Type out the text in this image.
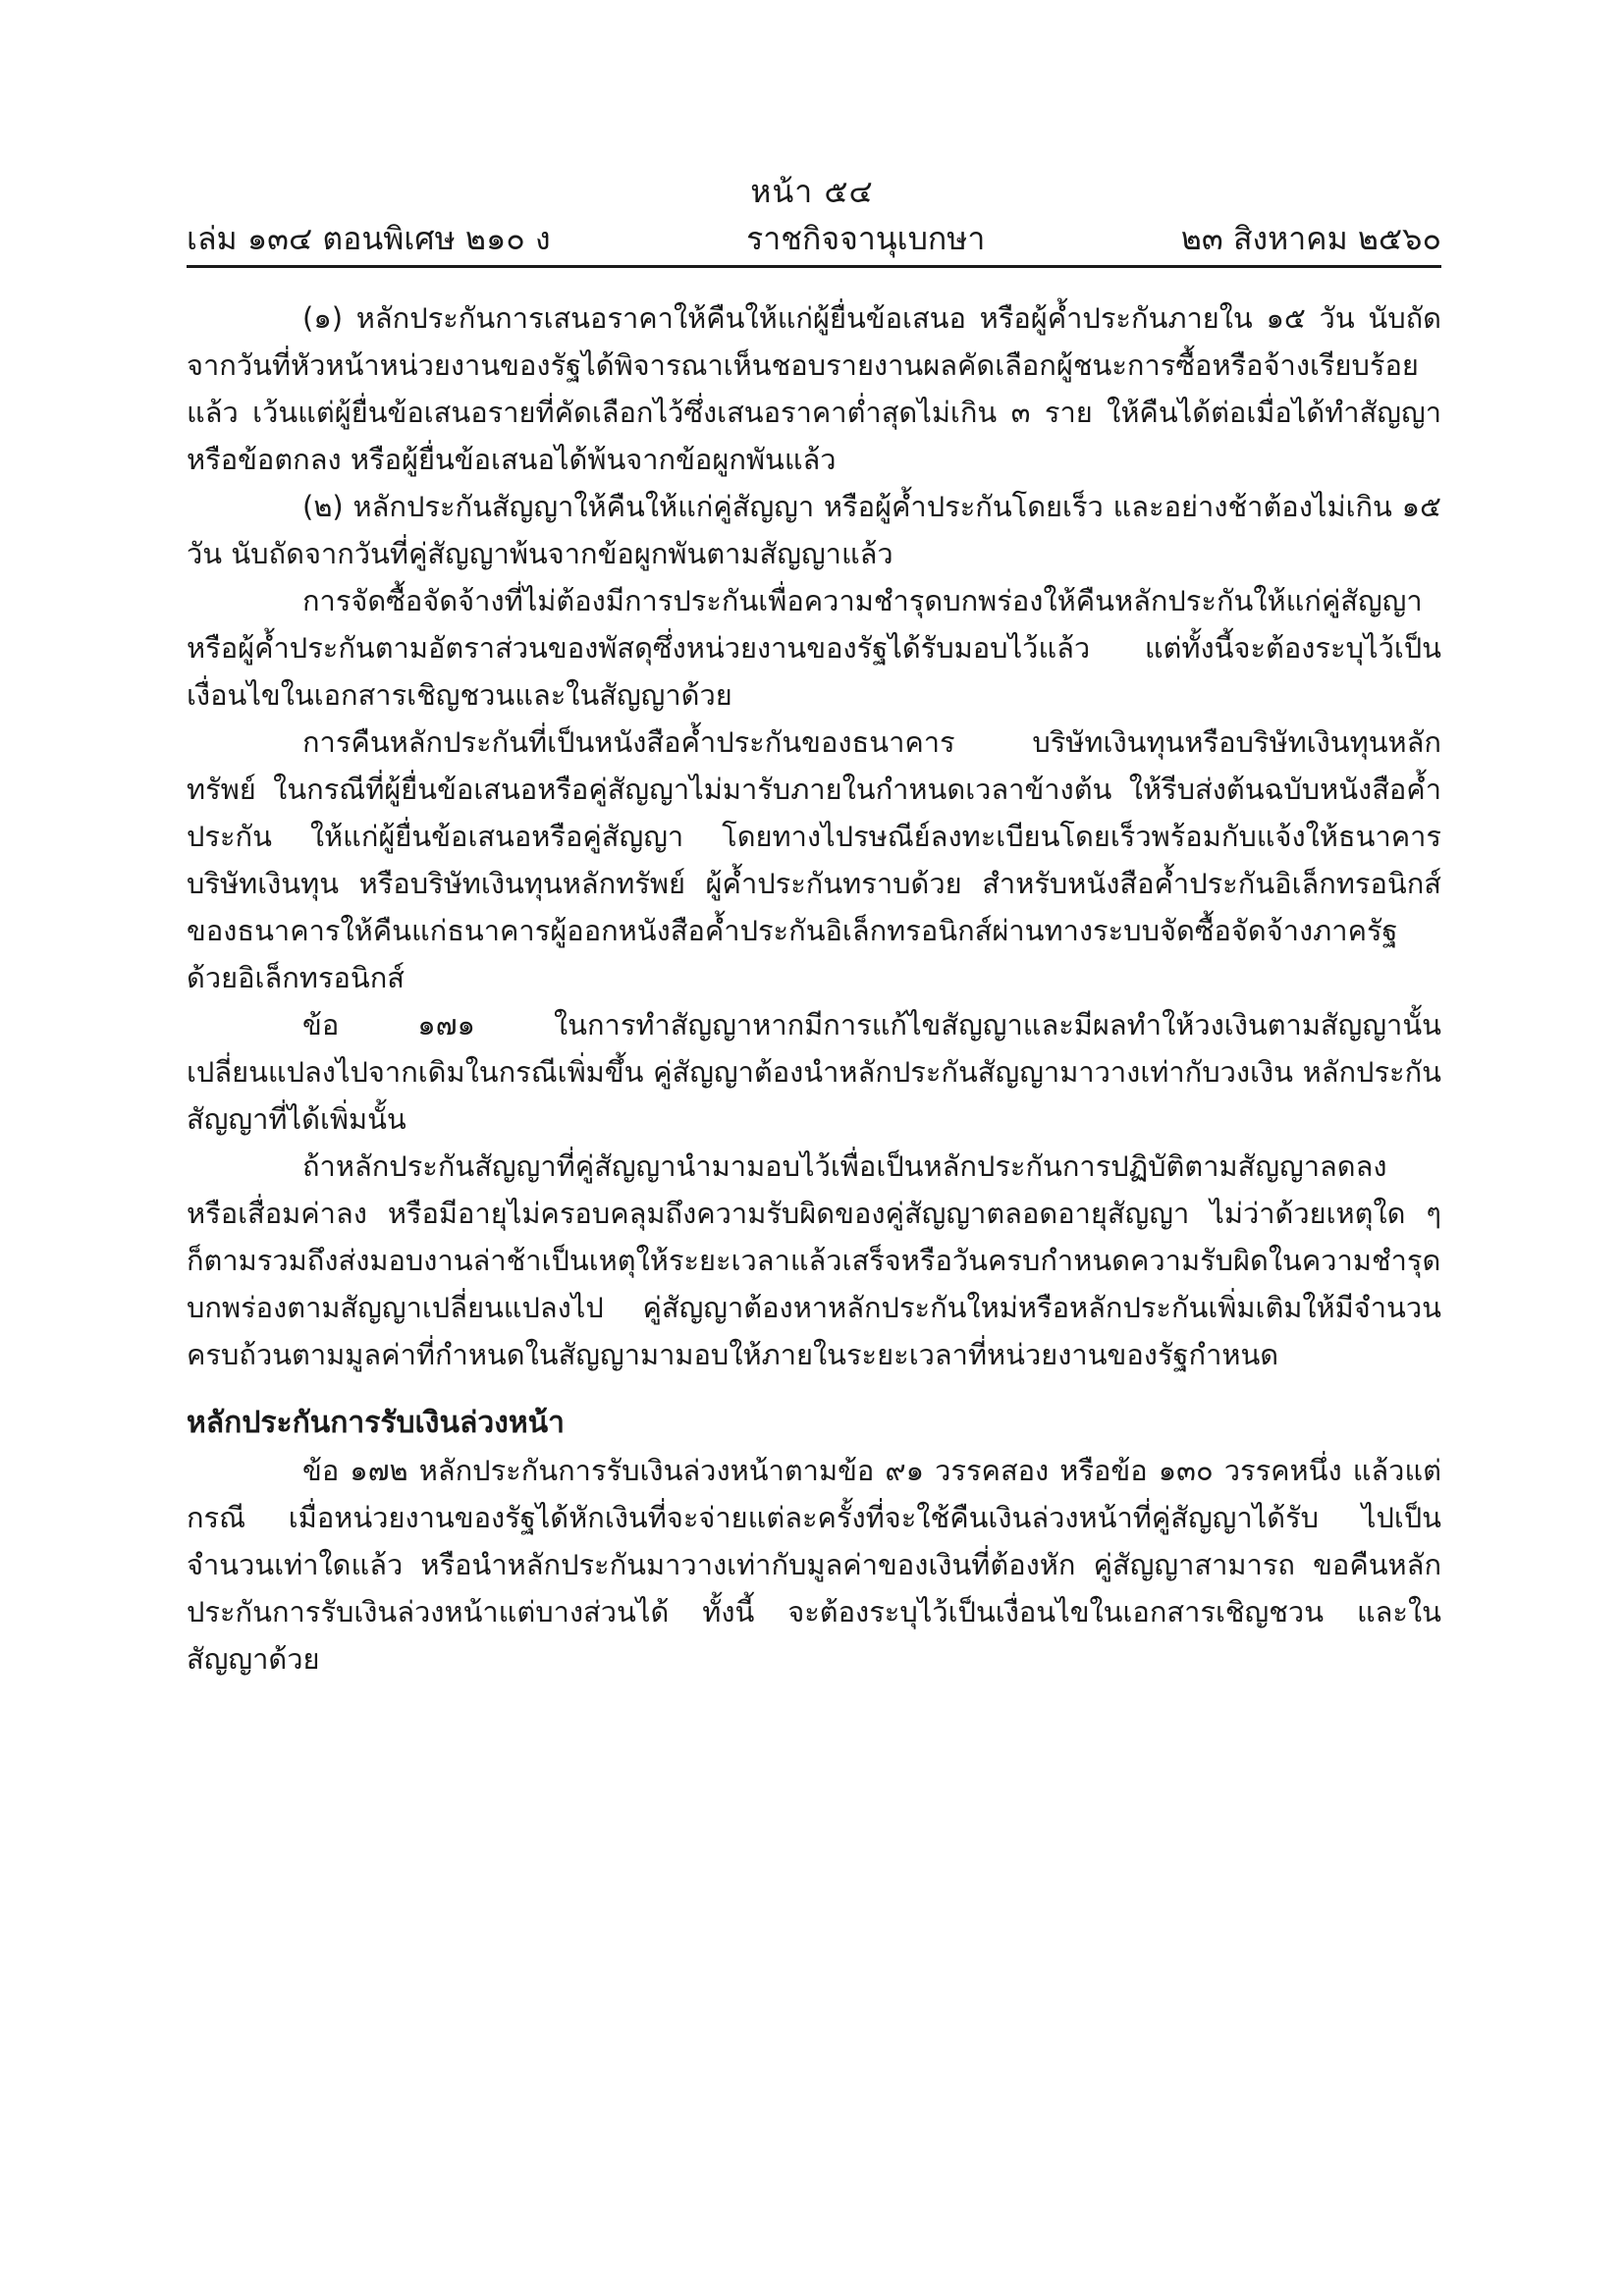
หน้า ๕๔
เล่ม ๑๓๔ ตอนพิเศษ ๒๑๐ ง	ราชกิจจานุเบกษา	๒๓ สิงหาคม ๒๕๖๐

(๑) หลักประกันการเสนอราคาให้คืนให้แก่ผู้ยื่นข้อเสนอ หรือผู้ค้ำประกันภายใน ๑๕ วัน นับถัดจากวันที่หัวหน้าหน่วยงานของรัฐได้พิจารณาเห็นชอบรายงานผลคัดเลือกผู้ชนะการซื้อหรือจ้างเรียบร้อยแล้ว เว้นแต่ผู้ยื่นข้อเสนอรายที่คัดเลือกไว้ซึ่งเสนอราคาต่ำสุดไม่เกิน ๓ ราย ให้คืนได้ต่อเมื่อได้ทำสัญญา หรือข้อตกลง หรือผู้ยื่นข้อเสนอได้พ้นจากข้อผูกพันแล้ว

(๒) หลักประกันสัญญาให้คืนให้แก่คู่สัญญา หรือผู้ค้ำประกันโดยเร็ว และอย่างช้าต้องไม่เกิน ๑๕ วัน นับถัดจากวันที่คู่สัญญาพ้นจากข้อผูกพันตามสัญญาแล้ว

การจัดซื้อจัดจ้างที่ไม่ต้องมีการประกันเพื่อความชำรุดบกพร่องให้คืนหลักประกันให้แก่คู่สัญญา หรือผู้ค้ำประกันตามอัตราส่วนของพัสดุซึ่งหน่วยงานของรัฐได้รับมอบไว้แล้ว แต่ทั้งนี้จะต้องระบุไว้เป็นเงื่อนไขในเอกสารเชิญชวนและในสัญญาด้วย

การคืนหลักประกันที่เป็นหนังสือค้ำประกันของธนาคาร บริษัทเงินทุนหรือบริษัทเงินทุนหลักทรัพย์ ในกรณีที่ผู้ยื่นข้อเสนอหรือคู่สัญญาไม่มารับภายในกำหนดเวลาข้างต้น ให้รีบส่งต้นฉบับหนังสือค้ำประกัน ให้แก่ผู้ยื่นข้อเสนอหรือคู่สัญญา โดยทางไปรษณีย์ลงทะเบียนโดยเร็วพร้อมกับแจ้งให้ธนาคารบริษัทเงินทุน หรือบริษัทเงินทุนหลักทรัพย์ ผู้ค้ำประกันทราบด้วย สำหรับหนังสือค้ำประกันอิเล็กทรอนิกส์ ของธนาคารให้คืนแก่ธนาคารผู้ออกหนังสือค้ำประกันอิเล็กทรอนิกส์ผ่านทางระบบจัดซื้อจัดจ้างภาครัฐ ด้วยอิเล็กทรอนิกส์

ข้อ ๑๗๑ ในการทำสัญญาหากมีการแก้ไขสัญญาและมีผลทำให้วงเงินตามสัญญานั้น เปลี่ยนแปลงไปจากเดิมในกรณีเพิ่มขึ้น คู่สัญญาต้องนำหลักประกันสัญญามาวางเท่ากับวงเงิน หลักประกันสัญญาที่ได้เพิ่มนั้น

ถ้าหลักประกันสัญญาที่คู่สัญญานำมามอบไว้เพื่อเป็นหลักประกันการปฏิบัติตามสัญญาลดลง หรือเสื่อมค่าลง หรือมีอายุไม่ครอบคลุมถึงความรับผิดของคู่สัญญาตลอดอายุสัญญา ไม่ว่าด้วยเหตุใด ๆ ก็ตามรวมถึงส่งมอบงานล่าช้าเป็นเหตุให้ระยะเวลาแล้วเสร็จหรือวันครบกำหนดความรับผิดในความชำรุด บกพร่องตามสัญญาเปลี่ยนแปลงไป คู่สัญญาต้องหาหลักประกันใหม่หรือหลักประกันเพิ่มเติมให้มีจำนวน ครบถ้วนตามมูลค่าที่กำหนดในสัญญามามอบให้ภายในระยะเวลาที่หน่วยงานของรัฐกำหนด

หลักประกันการรับเงินล่วงหน้า

ข้อ ๑๗๒ หลักประกันการรับเงินล่วงหน้าตามข้อ ๙๑ วรรคสอง หรือข้อ ๑๓๐ วรรคหนึ่ง แล้วแต่กรณี เมื่อหน่วยงานของรัฐได้หักเงินที่จะจ่ายแต่ละครั้งที่จะใช้คืนเงินล่วงหน้าที่คู่สัญญาได้รับ ไปเป็นจำนวนเท่าใดแล้ว หรือนำหลักประกันมาวางเท่ากับมูลค่าของเงินที่ต้องหัก คู่สัญญาสามารถ ขอคืนหลักประกันการรับเงินล่วงหน้าแต่บางส่วนได้ ทั้งนี้ จะต้องระบุไว้เป็นเงื่อนไขในเอกสารเชิญชวน และในสัญญาด้วย
